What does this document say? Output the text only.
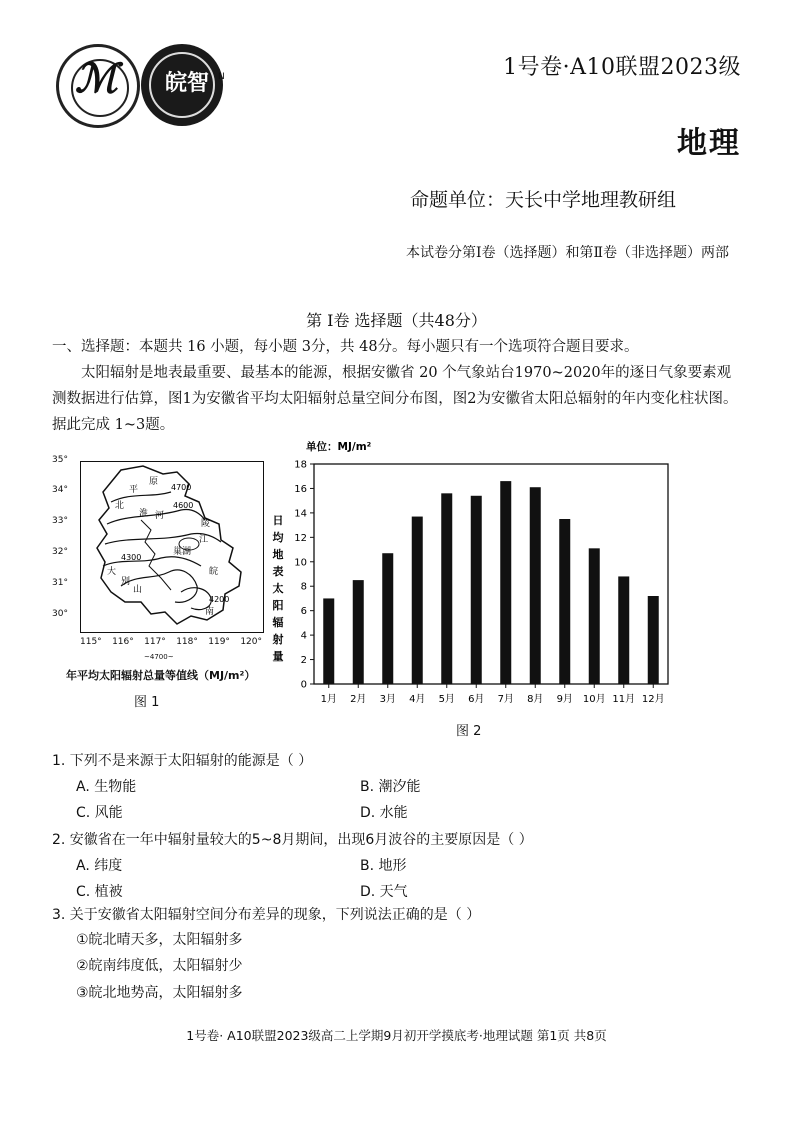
ℳ 皖智 N	1号卷·A10联盟2023级
地理
命题单位：天长中学地理教研组
本试卷分第Ⅰ卷（选择题）和第Ⅱ卷（非选择题）两部
第 Ⅰ卷 选择题（共48分）
一、选择题：本题共 16 小题，每小题 3分，共 48分。每小题只有一个选项符合题目要求。
太阳辐射是地表最重要、最基本的能源，根据安徽省 20 个气象站台1970~2020年的逐日气象要素观测数据进行估算，图1为安徽省平均太阳辐射总量空间分布图，图2为安徽省太阳总辐射的年内变化柱状图。据此完成 1~3题。
35°
34°
33°
32°
31°
30°
原
平
北
淮 河
陵
江
巢湖
大
别
山
皖
南
4700
4600
4300
4200
115° 116° 117° 118° 119° 120°
~4700~
年平均太阳辐射总量等值线（MJ/m²）
图 1
单位：MJ/m²
0
2
4
6
8
10
12
14
16
18
日
均
地
表
太
阳
辐
射
量
1月 2月 3月 4月 5月 6月 7月 8月 9月 10月 11月 12月
图 2
1. 下列不是来源于太阳辐射的能源是（ ）
A. 生物能	B. 潮汐能
C. 风能	D. 水能
2. 安徽省在一年中辐射量较大的5~8月期间，出现6月波谷的主要原因是（ ）
A. 纬度	B. 地形
C. 植被	D. 天气
3. 关于安徽省太阳辐射空间分布差异的现象，下列说法正确的是（ ）
①皖北晴天多，太阳辐射多
②皖南纬度低，太阳辐射少
③皖北地势高，太阳辐射多
1号卷· A10联盟2023级高二上学期9月初开学摸底考·地理试题 第1页 共8页
